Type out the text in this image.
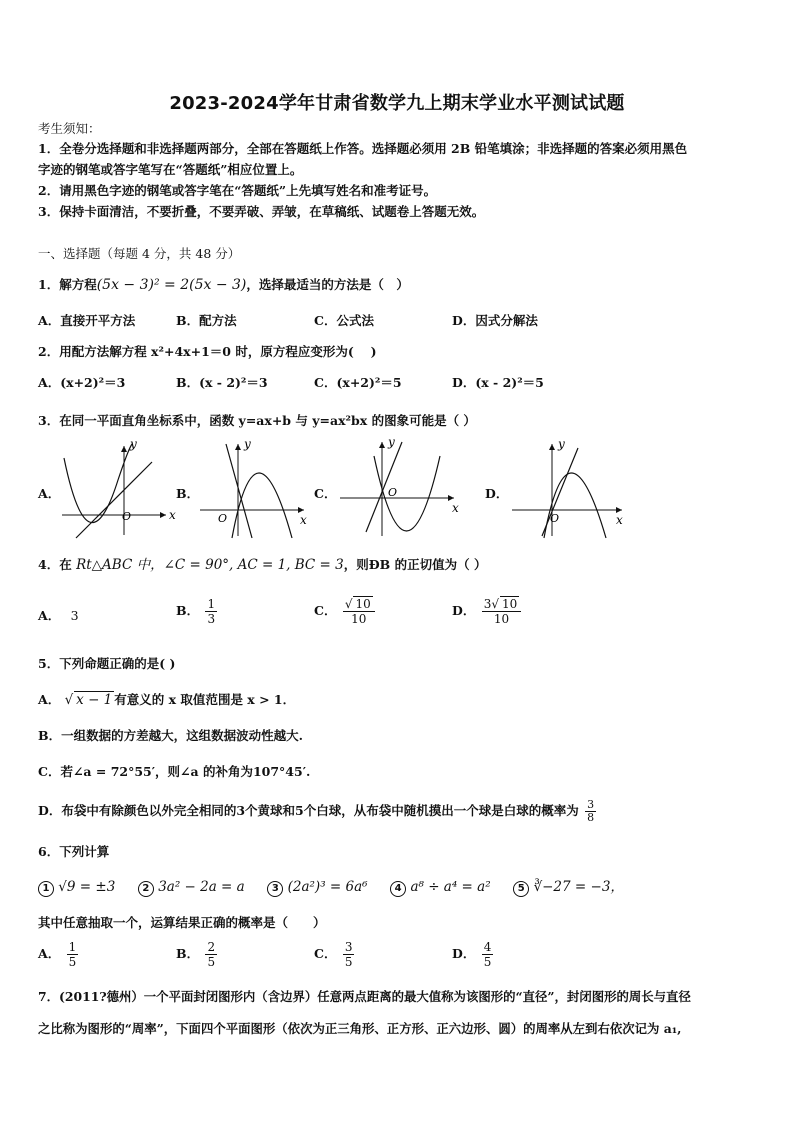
2023-2024学年甘肃省数学九上期末学业水平测试试题
考生须知：
1．全卷分选择题和非选择题两部分，全部在答题纸上作答。选择题必须用 2B 铅笔填涂；非选择题的答案必须用黑色
字迹的钢笔或答字笔写在“答题纸”相应位置上。
2．请用黑色字迹的钢笔或答字笔在“答题纸”上先填写姓名和准考证号。
3．保持卡面清洁，不要折叠，不要弄破、弄皱，在草稿纸、试题卷上答题无效。
一、选择题（每题 4 分，共 48 分）
1．解方程(5x − 3)² = 2(5x − 3)，选择最适当的方法是（　）
A．直接开平方法	B．配方法	C．公式法	D．因式分解法
2．用配方法解方程 x²+4x+1＝0 时，原方程应变形为(　 )
A．(x+2)²＝3	B．(x - 2)²＝3	C．(x+2)²＝5	D．(x - 2)²＝5
3．在同一平面直角坐标系中，函数 y=ax+b 与 y=ax²bx 的图象可能是（ ）
A．	B．	C．	D．
x
y
O	x
y
O
x
y
O
x
y
O
4．在 Rt△ABC 中，∠C = 90°, AC = 1, BC = 3，则ÐB 的正切值为（ ）
A． 3	B． $\frac{1}{3}$	C． $\frac{√ 10}{10}$	D． $\frac{3√ 10}{10}$
5．下列命题正确的是( )
A． √ x − 1 有意义的 x 取值范围是 x > 1．
B．一组数据的方差越大，这组数据波动性越大.
C．若∠a = 72°55′，则∠a 的补角为107°45′.
D．布袋中有除颜色以外完全相同的3个黄球和5个白球，从布袋中随机摸出一个球是白球的概率为 $\frac{3}{8}$
6．下列计算
1 √9 = ±3	2 3a² − 2a = a	3 (2a²)³ = 6a⁶	4 a⁸ ÷ a⁴ = a²	5 ∛−27 = −3，
其中任意抽取一个，运算结果正确的概率是（　　）
A． $\frac{1}{5}$	B． $\frac{2}{5}$	C． $\frac{3}{5}$	D． $\frac{4}{5}$
7．(2011?德州）一个平面封闭图形内（含边界）任意两点距离的最大值称为该图形的“直径”，封闭图形的周长与直径
之比称为图形的“周率”，下面四个平面图形（依次为正三角形、正方形、正六边形、圆）的周率从左到右依次记为 a₁,
